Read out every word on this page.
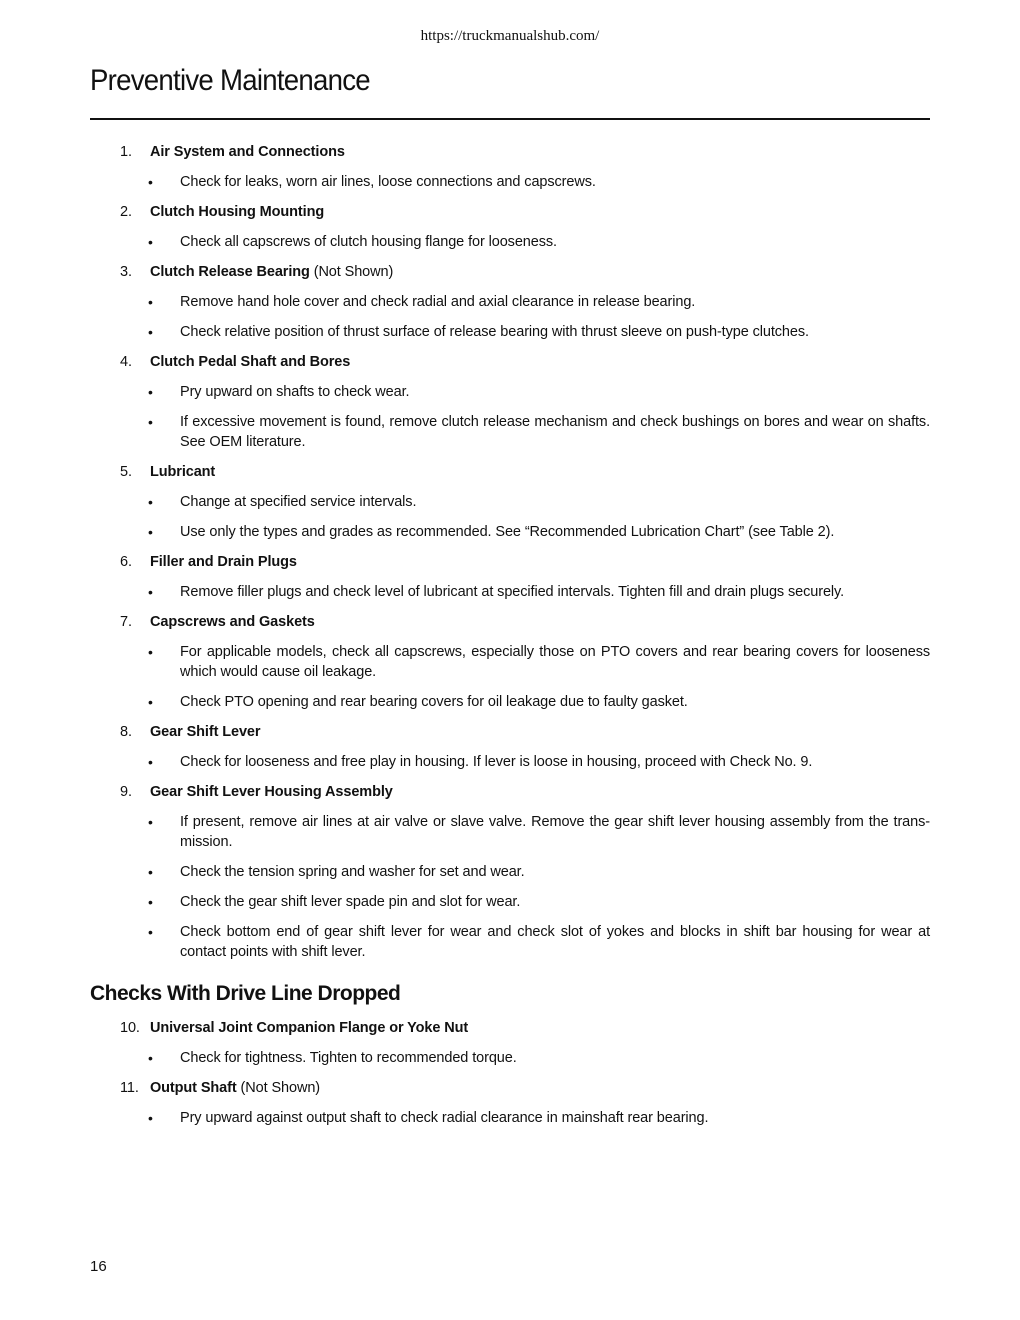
https://truckmanualshub.com/
Preventive Maintenance
1. Air System and Connections
• Check for leaks, worn air lines, loose connections and capscrews.
2. Clutch Housing Mounting
• Check all capscrews of clutch housing flange for looseness.
3. Clutch Release Bearing (Not Shown)
• Remove hand hole cover and check radial and axial clearance in release bearing.
• Check relative position of thrust surface of release bearing with thrust sleeve on push-type clutches.
4. Clutch Pedal Shaft and Bores
• Pry upward on shafts to check wear.
• If excessive movement is found, remove clutch release mechanism and check bushings on bores and wear on shafts. See OEM literature.
5. Lubricant
• Change at specified service intervals.
• Use only the types and grades as recommended. See “Recommended Lubrication Chart” (see Table 2).
6. Filler and Drain Plugs
• Remove filler plugs and check level of lubricant at specified intervals. Tighten fill and drain plugs securely.
7. Capscrews and Gaskets
• For applicable models, check all capscrews, especially those on PTO covers and rear bearing covers for looseness which would cause oil leakage.
• Check PTO opening and rear bearing covers for oil leakage due to faulty gasket.
8. Gear Shift Lever
• Check for looseness and free play in housing. If lever is loose in housing, proceed with Check No. 9.
9. Gear Shift Lever Housing Assembly
• If present, remove air lines at air valve or slave valve. Remove the gear shift lever housing assembly from the trans-mission.
• Check the tension spring and washer for set and wear.
• Check the gear shift lever spade pin and slot for wear.
• Check bottom end of gear shift lever for wear and check slot of yokes and blocks in shift bar housing for wear at contact points with shift lever.
Checks With Drive Line Dropped
10. Universal Joint Companion Flange or Yoke Nut
• Check for tightness. Tighten to recommended torque.
11. Output Shaft (Not Shown)
• Pry upward against output shaft to check radial clearance in mainshaft rear bearing.
16
